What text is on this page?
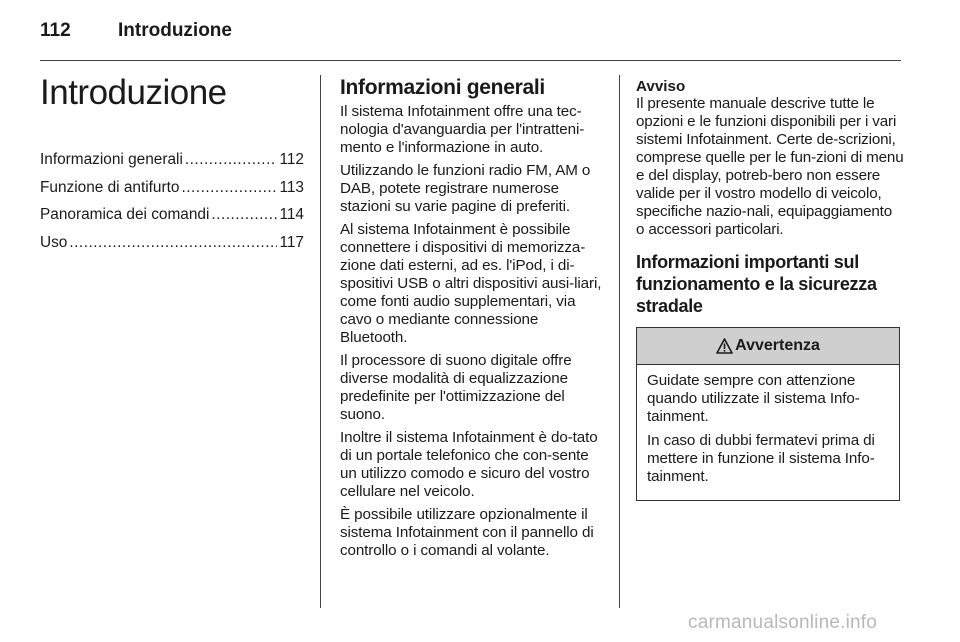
112 Introduzione
Introduzione
Informazioni generali .....	112
Funzione di antifurto .....	113
Panoramica dei comandi .....	114
Uso .....	117
Informazioni generali

Il sistema Infotainment offre una tec-nologia d'avanguardia per l'intratteni-mento e l'informazione in auto.

Utilizzando le funzioni radio FM, AM o DAB, potete registrare numerose stazioni su varie pagine di preferiti.

Al sistema Infotainment è possibile connettere i dispositivi di memorizza-zione dati esterni, ad es. l'iPod, i di-spositivi USB o altri dispositivi ausi-liari, come fonti audio supplementari, via cavo o mediante connessione Bluetooth.

Il processore di suono digitale offre diverse modalità di equalizzazione predefinite per l'ottimizzazione del suono.

Inoltre il sistema Infotainment è do-tato di un portale telefonico che con-sente un utilizzo comodo e sicuro del vostro cellulare nel veicolo.

È possibile utilizzare opzionalmente il sistema Infotainment con il pannello di controllo o i comandi al volante.

Avviso

Il presente manuale descrive tutte le opzioni e le funzioni disponibili per i vari sistemi Infotainment. Certe de-scrizioni, comprese quelle per le fun-zioni di menu e del display, potreb-bero non essere valide per il vostro modello di veicolo, specifiche nazio-nali, equipaggiamento o accessori particolari.

Informazioni importanti sul funzionamento e la sicurezza stradale
Avvertenza

Guidate sempre con attenzione quando utilizzate il sistema Info-tainment.

In caso di dubbi fermatevi prima di mettere in funzione il sistema Info-tainment.

carmanualsonline.info
